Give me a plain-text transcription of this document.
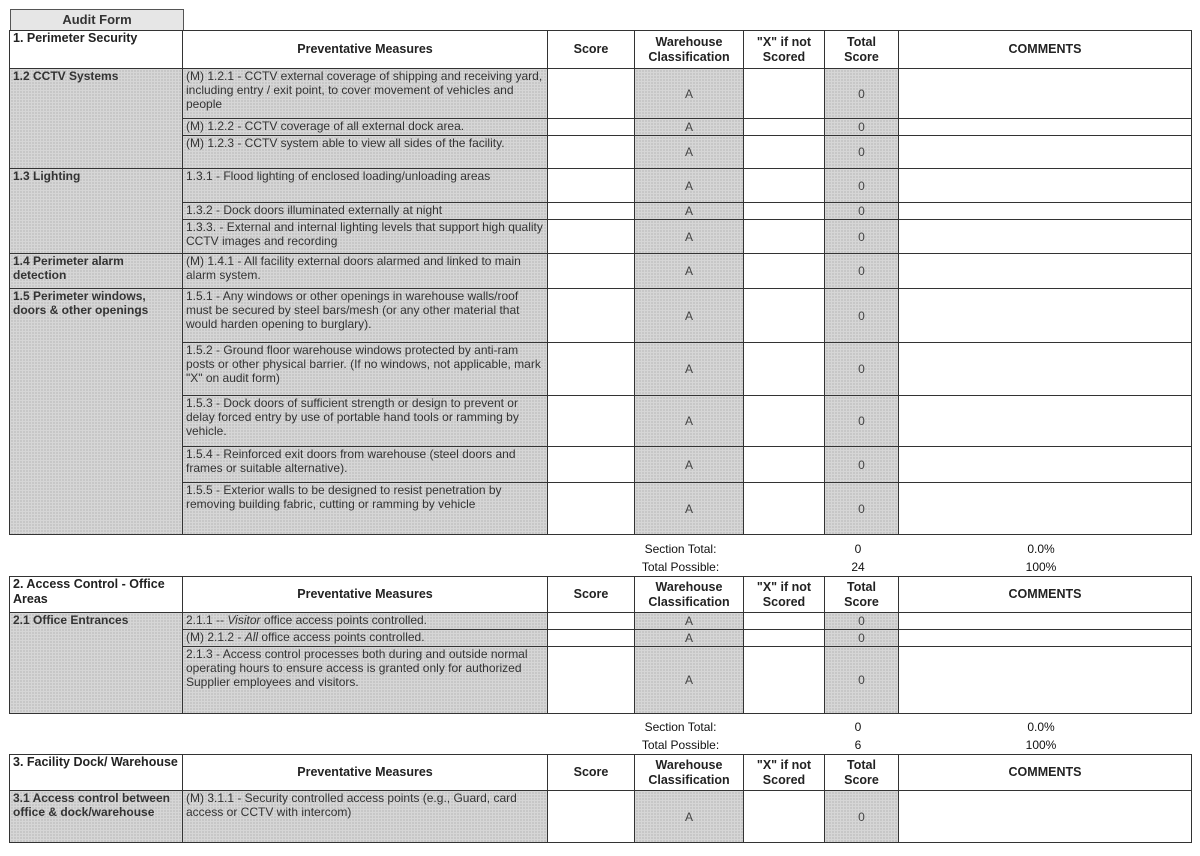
Audit Form
1. Perimeter Security	Preventative Measures	Score	Warehouse Classification	"X" if not Scored	Total Score	COMMENTS
1.2 CCTV Systems	(M) 1.2.1 - CCTV external coverage of shipping and receiving yard, including entry / exit point, to cover movement of vehicles and people		A		0	
	(M) 1.2.2 - CCTV coverage of all external dock area.		A		0	
	(M) 1.2.3 - CCTV system able to view all sides of the facility.		A		0	
1.3 Lighting	1.3.1 - Flood lighting of enclosed loading/unloading areas		A		0	
	1.3.2 - Dock doors illuminated externally at night		A		0	
	1.3.3. - External and internal lighting levels that support high quality CCTV images and recording		A		0	
1.4 Perimeter alarm detection	(M) 1.4.1 - All facility external doors alarmed and linked to main alarm system.		A		0	
1.5 Perimeter windows, doors & other openings	1.5.1 - Any windows or other openings in warehouse walls/roof must be secured by steel bars/mesh (or any other material that would harden opening to burglary).		A		0	
	1.5.2 - Ground floor warehouse windows protected by anti-ram posts or other physical barrier. (If no windows, not applicable, mark "X" on audit form)		A		0	
	1.5.3 - Dock doors of sufficient strength or design to prevent or delay forced entry by use of portable hand tools or ramming by vehicle.		A		0	
	1.5.4 - Reinforced exit doors from warehouse (steel doors and frames or suitable alternative).		A		0	
	1.5.5 - Exterior walls to be designed to resist penetration by removing building fabric, cutting or ramming by vehicle		A		0	
Section Total:	0	0.0%
Total Possible:	24	100%
2. Access Control - Office Areas	Preventative Measures	Score	Warehouse Classification	"X" if not Scored	Total Score	COMMENTS
2.1 Office Entrances	2.1.1 -- Visitor office access points controlled.		A		0	
	(M) 2.1.2 - All office access points controlled.		A		0	
	2.1.3 - Access control processes both during and outside normal operating hours to ensure access is granted only for authorized Supplier employees and visitors.		A		0	
Section Total:	0	0.0%
Total Possible:	6	100%
3. Facility Dock/ Warehouse	Preventative Measures	Score	Warehouse Classification	"X" if not Scored	Total Score	COMMENTS
3.1 Access control between office & dock/warehouse	(M) 3.1.1 - Security controlled access points (e.g., Guard, card access or CCTV with intercom)		A		0	
